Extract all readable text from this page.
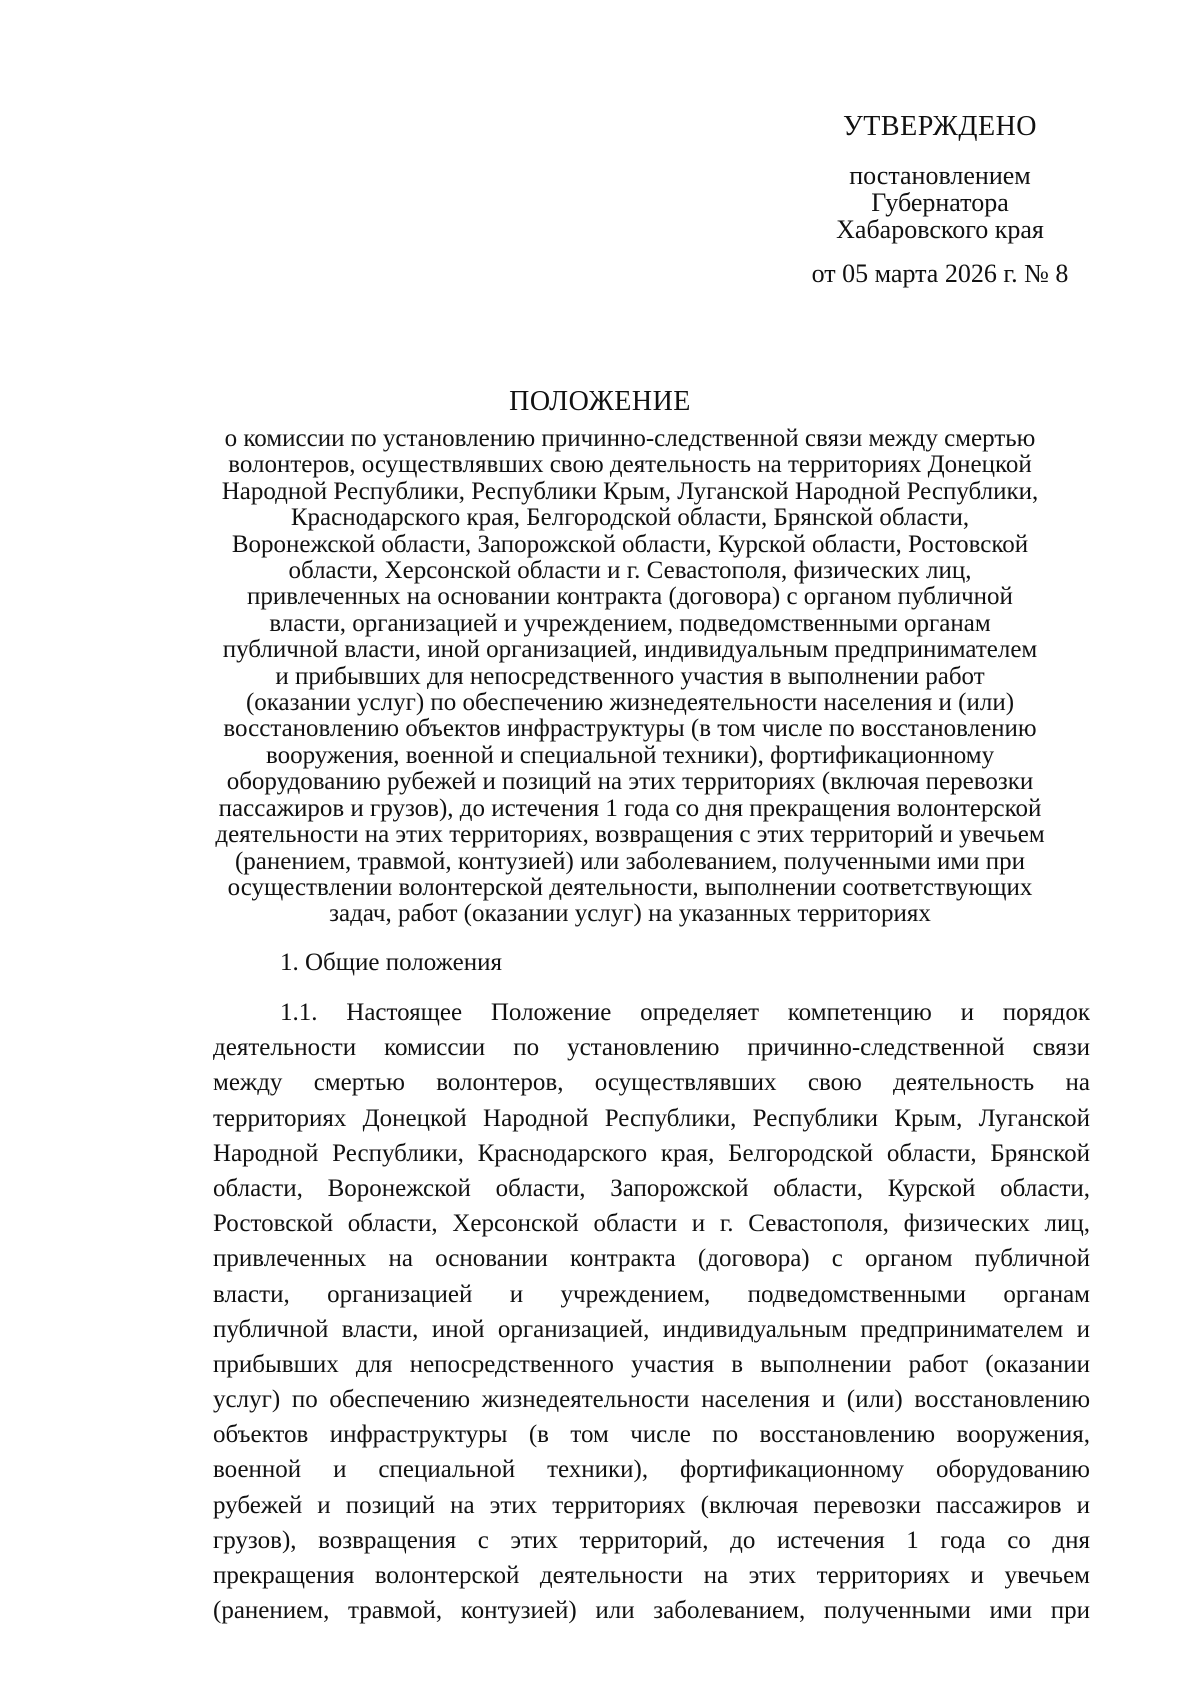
УТВЕРЖДЕНО
постановлением
Губернатора
Хабаровского края
от 05 марта 2026 г. № 8
ПОЛОЖЕНИЕ
о комиссии по установлению причинно-следственной связи между смертью
волонтеров, осуществлявших свою деятельность на территориях Донецкой
Народной Республики, Республики Крым, Луганской Народной Республики,
Краснодарского края, Белгородской области, Брянской области,
Воронежской области, Запорожской области, Курской области, Ростовской
области, Херсонской области и г. Севастополя, физических лиц,
привлеченных на основании контракта (договора) с органом публичной
власти, организацией и учреждением, подведомственными органам
публичной власти, иной организацией, индивидуальным предпринимателем
и прибывших для непосредственного участия в выполнении работ
(оказании услуг) по обеспечению жизнедеятельности населения и (или)
восстановлению объектов инфраструктуры (в том числе по восстановлению
вооружения, военной и специальной техники), фортификационному
оборудованию рубежей и позиций на этих территориях (включая перевозки
пассажиров и грузов), до истечения 1 года со дня прекращения волонтерской
деятельности на этих территориях, возвращения с этих территорий и увечьем
(ранением, травмой, контузией) или заболеванием, полученными ими при
осуществлении волонтерской деятельности, выполнении соответствующих
задач, работ (оказании услуг) на указанных территориях
1. Общие положения
1.1. Настоящее Положение определяет компетенцию и порядок
деятельности комиссии по установлению причинно-следственной связи
между смертью волонтеров, осуществлявших свою деятельность на
территориях Донецкой Народной Республики, Республики Крым, Луганской
Народной Республики, Краснодарского края, Белгородской области, Брянской
области, Воронежской области, Запорожской области, Курской области,
Ростовской области, Херсонской области и г. Севастополя, физических лиц,
привлеченных на основании контракта (договора) с органом публичной
власти, организацией и учреждением, подведомственными органам
публичной власти, иной организацией, индивидуальным предпринимателем и
прибывших для непосредственного участия в выполнении работ (оказании
услуг) по обеспечению жизнедеятельности населения и (или) восстановлению
объектов инфраструктуры (в том числе по восстановлению вооружения,
военной и специальной техники), фортификационному оборудованию
рубежей и позиций на этих территориях (включая перевозки пассажиров и
грузов), возвращения с этих территорий, до истечения 1 года со дня
прекращения волонтерской деятельности на этих территориях и увечьем
(ранением, травмой, контузией) или заболеванием, полученными ими при
